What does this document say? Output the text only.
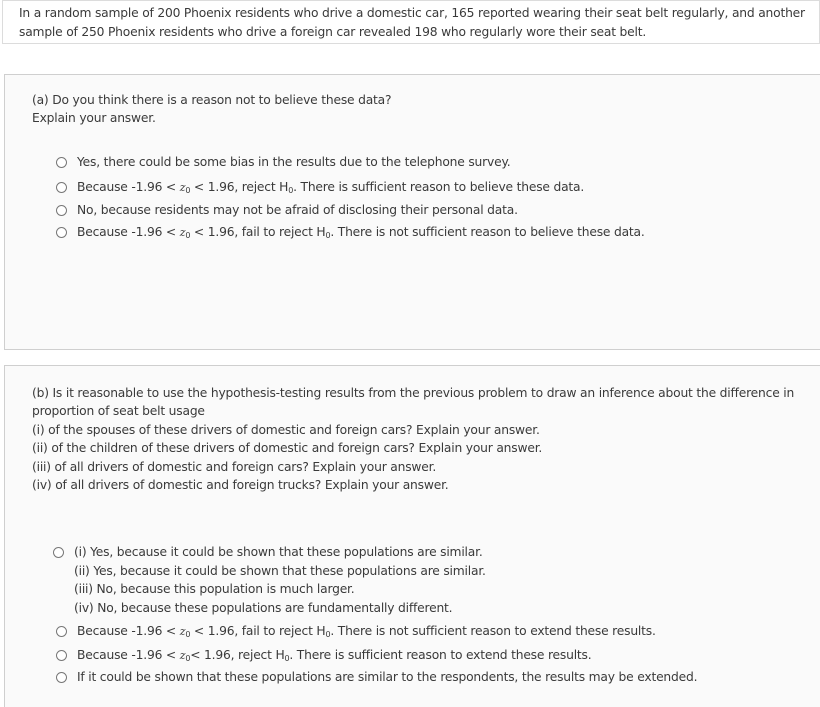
In a random sample of 200 Phoenix residents who drive a domestic car, 165 reported wearing their seat belt regularly, and another sample of 250 Phoenix residents who drive a foreign car revealed 198 who regularly wore their seat belt.

(a) Do you think there is a reason not to believe these data?
Explain your answer.
Yes, there could be some bias in the results due to the telephone survey.
Because $-1.96 < z_0 < 1.96$, reject $H_0$. There is sufficient reason to believe these data.
No, because residents may not be afraid of disclosing their personal data.
Because $-1.96 < z_0 < 1.96$, fail to reject $H_0$. There is not sufficient reason to believe these data.
(b) Is it reasonable to use the hypothesis-testing results from the previous problem to draw an inference about the difference in
proportion of seat belt usage
(i) of the spouses of these drivers of domestic and foreign cars? Explain your answer.
(ii) of the children of these drivers of domestic and foreign cars? Explain your answer.
(iii) of all drivers of domestic and foreign cars? Explain your answer.
(iv) of all drivers of domestic and foreign trucks? Explain your answer.
(i) Yes, because it could be shown that these populations are similar.
(ii) Yes, because it could be shown that these populations are similar.
(iii) No, because this population is much larger.
(iv) No, because these populations are fundamentally different.
Because $-1.96 < z_0 < 1.96$, fail to reject $H_0$. There is not sufficient reason to extend these results.
Because $-1.96 < z_0< 1.96$, reject $H_0$. There is sufficient reason to extend these results.
If it could be shown that these populations are similar to the respondents, the results may be extended.
